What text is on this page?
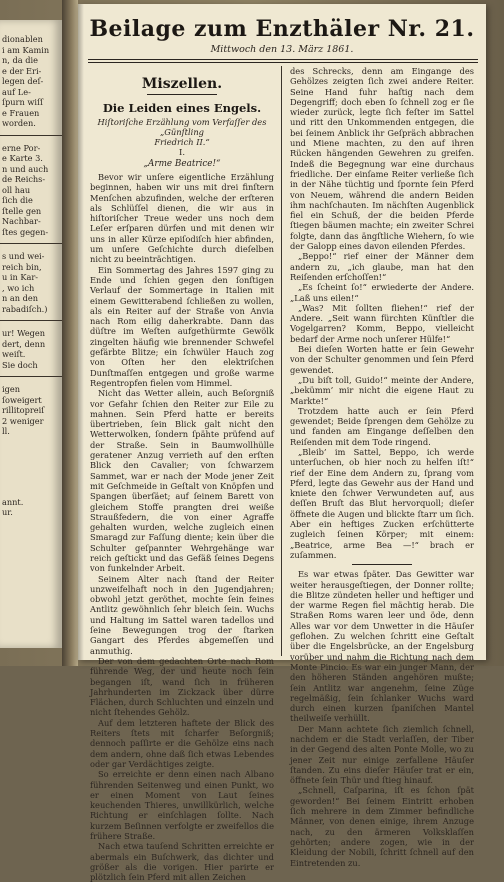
dionablen
i am Kamin
n, da die
e der Eri-
legen deſ-
auf Le-
ſpurn wiſſ
e Frauen
worden.
erne Por-
e Karte 3.
n und auch
de Reichs-
oll hau
ſich die
ſtelle gen
Nachbar-
ſtes gegen-
s und wei-
reich bin,
u in Kar-
, wo ich
n an den
rabadiſch.)
ur! Wegen
dert, denn
weiſt.
Sie doch
igen
ſoweigert
rillitopreiſ
2 weniger
ll.
annt.
ur.
Beilage zum Enzthäler Nr. 21.
Mittwoch den 13. März 1861.
Miszellen.
Die Leiden eines Engels.
Hiſtoriſche Erzählung vom Verfaſſer des „Günſtling
Friedrich II.“
I.
„Arme Beatrice!“

Bevor wir unſere eigentliche Erzählung beginnen, haben wir uns mit drei finſtern Menſchen abzufinden, welche der erſteren als Schlüſſel dienen, die wir aus in hiſtoriſcher Treue weder uns noch dem Leſer erſparen dürfen und mit denen wir uns in aller Kürze epiſodiſch hier abfinden, um unſere Geſchichte durch dieſelben nicht zu beeinträchtigen.

Ein Sommertag des Jahres 1597 ging zu Ende und ſchien gegen den ſonſtigen Verlauf der Sommertage in Italien mit einem Gewitterabend ſchließen zu wollen, als ein Reiter auf der Straße von Anvia nach Rom eilig daherkrabte. Dann das düſtre im Weſten aufgethürmte Gewölk zingelten häufig wie brennender Schwefel gefärbte Blitze; ein ſchwüler Hauch zog von Oſten her den elektriſchen Dunſtmaſſen entgegen und große warme Regentropfen fielen vom Himmel.

Nicht das Wetter allein, auch Beſorgniß vor Gefahr ſchien den Reiter zur Eile zu mahnen. Sein Pferd hatte er bereits übertrieben, ſein Blick galt nicht den Wetterwolken, ſondern ſpähte prüfend auf der Straße. Sein in Baumwollhülle geratener Anzug verrieth auf den erſten Blick den Cavalier; von ſchwarzem Sammet, war er nach der Mode jener Zeit mit Geſchmeide in Geſtalt von Knöpfen und Spangen überſäet; auf ſeinem Barett von gleichem Stoffe prangten drei weiße Straußfedern, die von einer Agraffe gehalten wurden, welche zugleich einen Smaragd zur Faſſung diente; kein über die Schulter geſpannter Wehrgehänge war reich geſtickt und das Gefäß ſeines Degens von funkelnder Arbeit.

Seinem Alter nach ſtand der Reiter unzweifelhaft noch in den Jugendjahren; obwohl jetzt geröthet, mochte ſein feines Antlitz gewöhnlich ſehr bleich ſein. Wuchs und Haltung im Sattel waren tadellos und ſeine Bewegungen trog der ſtarken Gangart des Pferdes abgemeſſen und anmuthig.

Der von dem gedachten Orte nach Rom führende Weg, der und heute noch ſein begangen iſt, wand ſich in früheren Jahrhunderten im Zickzack über dürre Flächen, durch Schluchten und einzeln und nicht ſtehendes Gehölz.

Auf dem letzteren haftete der Blick des Reiters ſtets mit ſcharfer Beſorgniß; dennoch paſſirte er die Gehölze eins nach dem andern, ohne daß ſich etwas Lebendes oder gar Verdächtiges zeigte.

So erreichte er denn einen nach Albano führenden Seitenweg und einen Punkt, wo er einen Moment von Laut ſeines keuchenden Thieres, unwillkürlich, welche Richtung er einſchlagen ſollte. Nach kurzem Beſinnen verfolgte er zweifellos die frühere Straße.

Nach etwa tauſend Schritten erreichte er abermals ein Buſchwerk, das dichter und größer als die vorigen. Hier parirte er plötzlich ſein Pferd mit allen Zeichen

des Schrecks, denn am Eingange des Gehölzes zeigten ſich zwei andere Reiter. Seine Hand fuhr haſtig nach dem Degengriff; doch eben ſo ſchnell zog er ſie wieder zurück, legte ſich feſter im Sattel und ritt den Unkommenden entgegen, die bei ſeinem Anblick ihr Geſpräch abbrachen und Miene machten, zu den auf ihren Rücken hängenden Gewehren zu greifen. Indeß die Begegnung war eine durchaus friedliche. Der einſame Reiter verließe ſich in der Nähe tüchtig und ſpornte ſein Pferd von Neuem, während die andern Beiden ihm nachſchauten. Im nächſten Augenblick fiel ein Schuß, der die beiden Pferde ſtiegen bäumen machte; ein zweiter Schrei folgte, dann das ängſtliche Wiehern, ſo wie der Galopp eines davon eilenden Pferdes.

„Beppo!“ rief einer der Männer dem andern zu, „ich glaube, man hat den Reiſenden erſchoſſen!“

„Es ſcheint ſo!“ erwiederte der Andere. „Laß uns eilen!“

„Was? Mit ſollten fliehen!“ rief der Andere. „Seit wann fürchten Künſtler die Vogelgarren? Komm, Beppo, vielleicht bedarf der Arme noch unſerer Hülfe!“

Bei dieſen Worten hatte er ſein Gewehr von der Schulter genommen und ſein Pferd gewendet.

„Du biſt toll, Guido!“ meinte der Andere, „bekümm’ mir nicht die eigene Haut zu Markte!“

Trotzdem hatte auch er ſein Pferd gewendet; Beide ſprengen dem Gehölze zu und fanden am Eingange deſſelben den Reiſenden mit dem Tode ringend.

„Bleib’ im Sattel, Beppo, ich werde unterſuchen, ob hier noch zu helfen iſt!“ rief der Eine dem Andern zu, ſprang vom Pferd, legte das Gewehr aus der Hand und kniete den ſchwer Verwundeten auf, aus deſſen Bruſt das Blut hervorquoll; dieſer öffnete die Augen und blickte ſtarr um ſich. Aber ein heftiges Zucken erſchütterte zugleich ſeinen Körper; mit einem: „Beatrice, arme Bea —!“ brach er zuſammen.

Es war etwas ſpäter. Das Gewitter war weiter herausgeſtiegen, der Donner rollte; die Blitze zündeten heller und heftiger und der warme Regen fiel mächtig herab. Die Straßen Roms waren leer und öde, denn Alles war vor dem Unwetter in die Häuſer geflohen. Zu welchen ſchritt eine Geſtalt über die Engelsbrücke, an der Engelsburg vorüber und nahm die Richtung nach dem Monte Pincio. Es war ein junger Mann, der den höheren Ständen angehören mußte; ſein Antlitz war angenehm, ſeine Züge regelmäßig, ſein ſchlanker Wuchs ward durch einen kurzen ſpaniſchen Mantel theilweiſe verhüllt.

Der Mann achtete ſich ziemlich ſchnell, nachdem er die Stadt verlaſſen, der Tiber in der Gegend des alten Ponte Molle, wo zu jener Zeit nur einige zerfallene Häuſer ſtanden. Zu eins dieſer Häuſer trat er ein, öffnete ſein Thür und ſtieg hinauf.

„Schnell, Caſparina, iſt es ſchon ſpät geworden!“ Bei ſeinem Eintritt erhoben ſich mehrere in dem Zimmer befindliche Männer, von denen einige, ihrem Anzuge nach, zu den ärmeren Volksklaſſen gehörten; andere zogen, wie in der Kleidung der Nobili, ſchritt ſchnell auf den Eintretenden zu.
